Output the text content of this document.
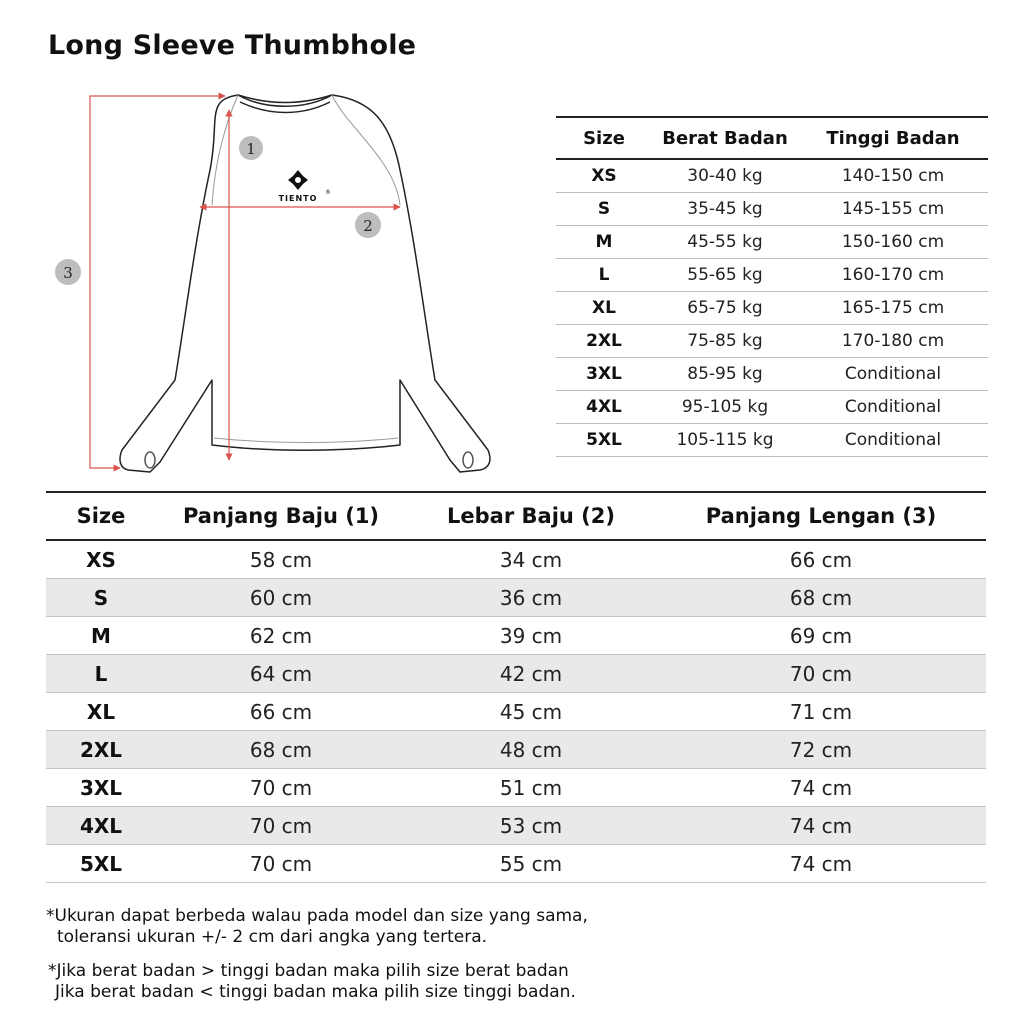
Long Sleeve Thumbhole
TIENTO
®
1
2
3
Size	Berat Badan	Tinggi Badan
XS	30-40 kg	140-150 cm
S	35-45 kg	145-155 cm
M	45-55 kg	150-160 cm
L	55-65 kg	160-170 cm
XL	65-75 kg	165-175 cm
2XL	75-85 kg	170-180 cm
3XL	85-95 kg	Conditional
4XL	95-105 kg	Conditional
5XL	105-115 kg	Conditional
Size	Panjang Baju (1)	Lebar Baju (2)	Panjang Lengan (3)
XS	58 cm	34 cm	66 cm
S	60 cm	36 cm	68 cm
M	62 cm	39 cm	69 cm
L	64 cm	42 cm	70 cm
XL	66 cm	45 cm	71 cm
2XL	68 cm	48 cm	72 cm
3XL	70 cm	51 cm	74 cm
4XL	70 cm	53 cm	74 cm
5XL	70 cm	55 cm	74 cm
*Ukuran dapat berbeda walau pada model dan size yang sama,
toleransi ukuran +/- 2 cm dari angka yang tertera.
*Jika berat badan > tinggi badan maka pilih size berat badan
Jika berat badan < tinggi badan maka pilih size tinggi badan.
